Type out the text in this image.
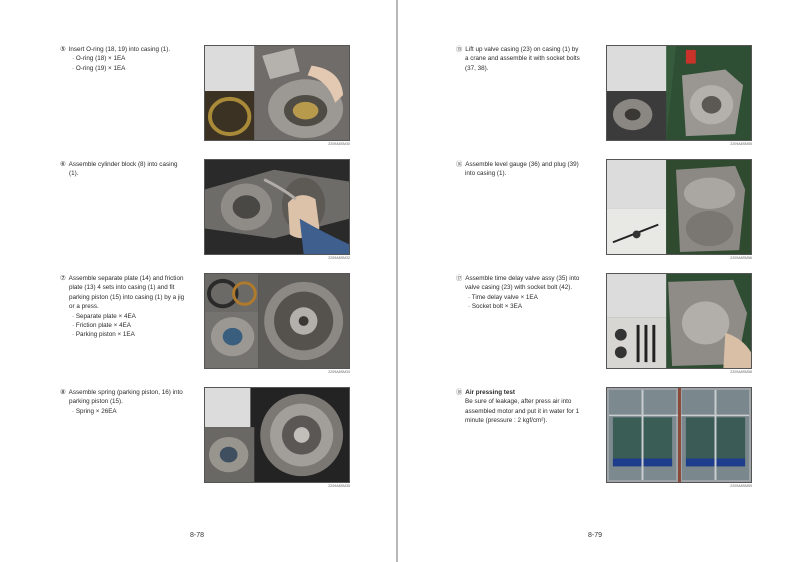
⑤ Insert O-ring (18, 19) into casing (1).
· O-ring (18) × 1EA
· O-ring (19) × 1EA
2209A8SM30
⑥ Assemble cylinder block (8) into casing
(1).
2209A8SM32
⑦ Assemble separate plate (14) and friction
plate (13) 4 sets into casing (1) and fit
parking piston (15) into casing (1) by a jig
or a press.
· Separate plate × 4EA
· Friction plate × 4EA
· Parking piston × 1EA
2209A8SM34
⑧ Assemble spring (parking piston, 16) into
parking piston (15).
· Spring × 26EA
2209A8SM35
8-78
⑮ Lift up valve casing (23) on casing (1) by
a crane and assemble it with socket bolts
(37, 38).
2209A8SM55
⑯ Assemble level gauge (36) and plug (39)
into casing (1).
2209A8SM56
⑰ Assemble time delay valve assy (35) into
valve casing (23) with socket bolt (42).
· Time delay valve × 1EA
· Socket bolt × 3EA
2209A8SM58
⑱ Air pressing test
Be sure of leakage, after press air into
assembled motor and put it in water for 1
minute (pressure : 2 kgf/cm²).
2209A8SM59
8-79
